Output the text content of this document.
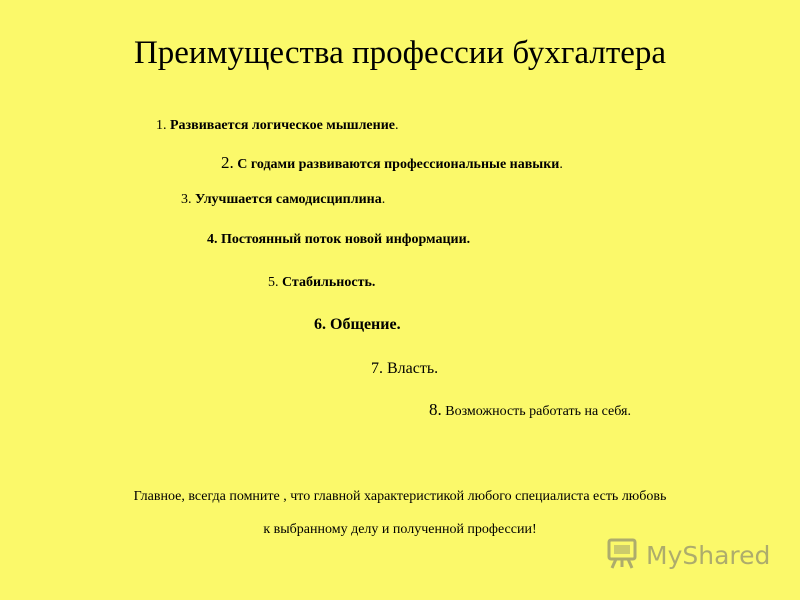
Преимущества профессии бухгалтера
1. Развивается логическое мышление.
2. С годами развиваются профессиональные навыки.
3. Улучшается самодисциплина.
4. Постоянный поток новой информации.
5. Стабильность.
6. Общение.
7. Власть.
8. Возможность работать на себя.
Главное, всегда помните , что главной характеристикой любого специалиста есть любовь
к выбранному делу и полученной профессии!
MyShared
